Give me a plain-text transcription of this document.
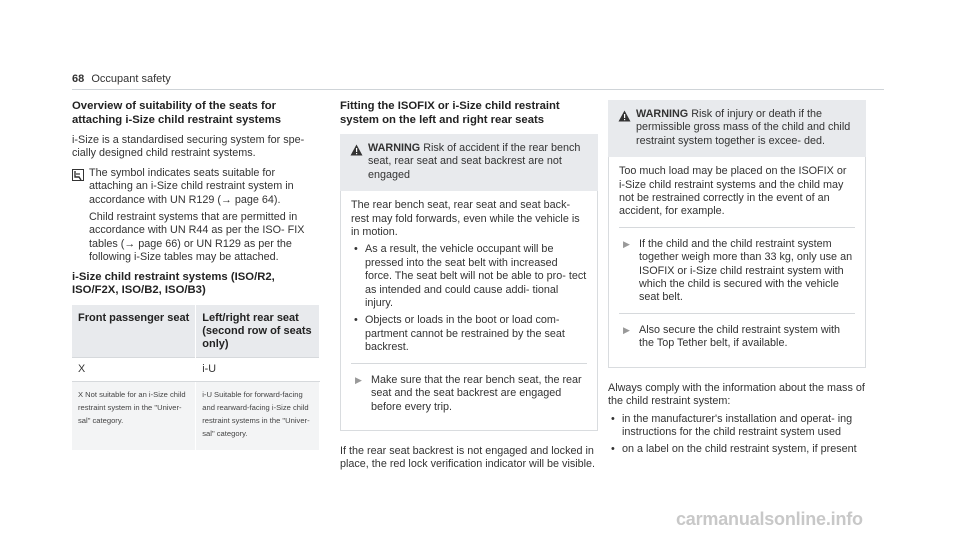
68 Occupant safety
Overview of suitability of the seats for attaching i-Size child restraint systems

i-Size is a standardised securing system for spe- cially designed child restraint systems.

The symbol indicates seats suitable for attaching an i-Size child restraint system in accordance with UN R129 (→ page 64).
Child restraint systems that are permitted in accordance with UN R44 as per the ISO- FIX tables (→ page 66) or UN R129 as per the following i-Size tables may be attached.
i-Size child restraint systems (ISO/R2, ISO/F2X, ISO/B2, ISO/B3)
Front passenger seat	Left/right rear seat (second row of seats only)
X	i-U
X Not suitable for an i-Size child restraint system in the "Univer- sal" category.	i-U Suitable for forward-facing and rearward-facing i-Size child restraint systems in the "Univer- sal" category.
Fitting the ISOFIX or i-Size child restraint system on the left and right rear seats
WARNING Risk of accident if the rear bench seat, rear seat and seat backrest are not engaged

The rear bench seat, rear seat and seat back- rest may fold forwards, even while the vehicle is in motion.

• As a result, the vehicle occupant will be pressed into the seat belt with increased force. The seat belt will not be able to pro- tect as intended and could cause addi- tional injury.
• Objects or loads in the boot or load com- partment cannot be restrained by the seat backrest.
▶ Make sure that the rear bench seat, the rear seat and the seat backrest are engaged before every trip.
If the rear seat backrest is not engaged and locked in place, the red lock verification indicator will be visible.
WARNING Risk of injury or death if the permissible gross mass of the child and child restraint system together is excee- ded.

Too much load may be placed on the ISOFIX or i-Size child restraint systems and the child may not be restrained correctly in the event of an accident, for example.

▶ If the child and the child restraint system together weigh more than 33 kg, only use an ISOFIX or i-Size child restraint system with which the child is secured with the vehicle seat belt.
▶ Also secure the child restraint system with the Top Tether belt, if available.

Always comply with the information about the mass of the child restraint system:

• in the manufacturer's installation and operat- ing instructions for the child restraint system used
• on a label on the child restraint system, if present
carmanualsonline.info
